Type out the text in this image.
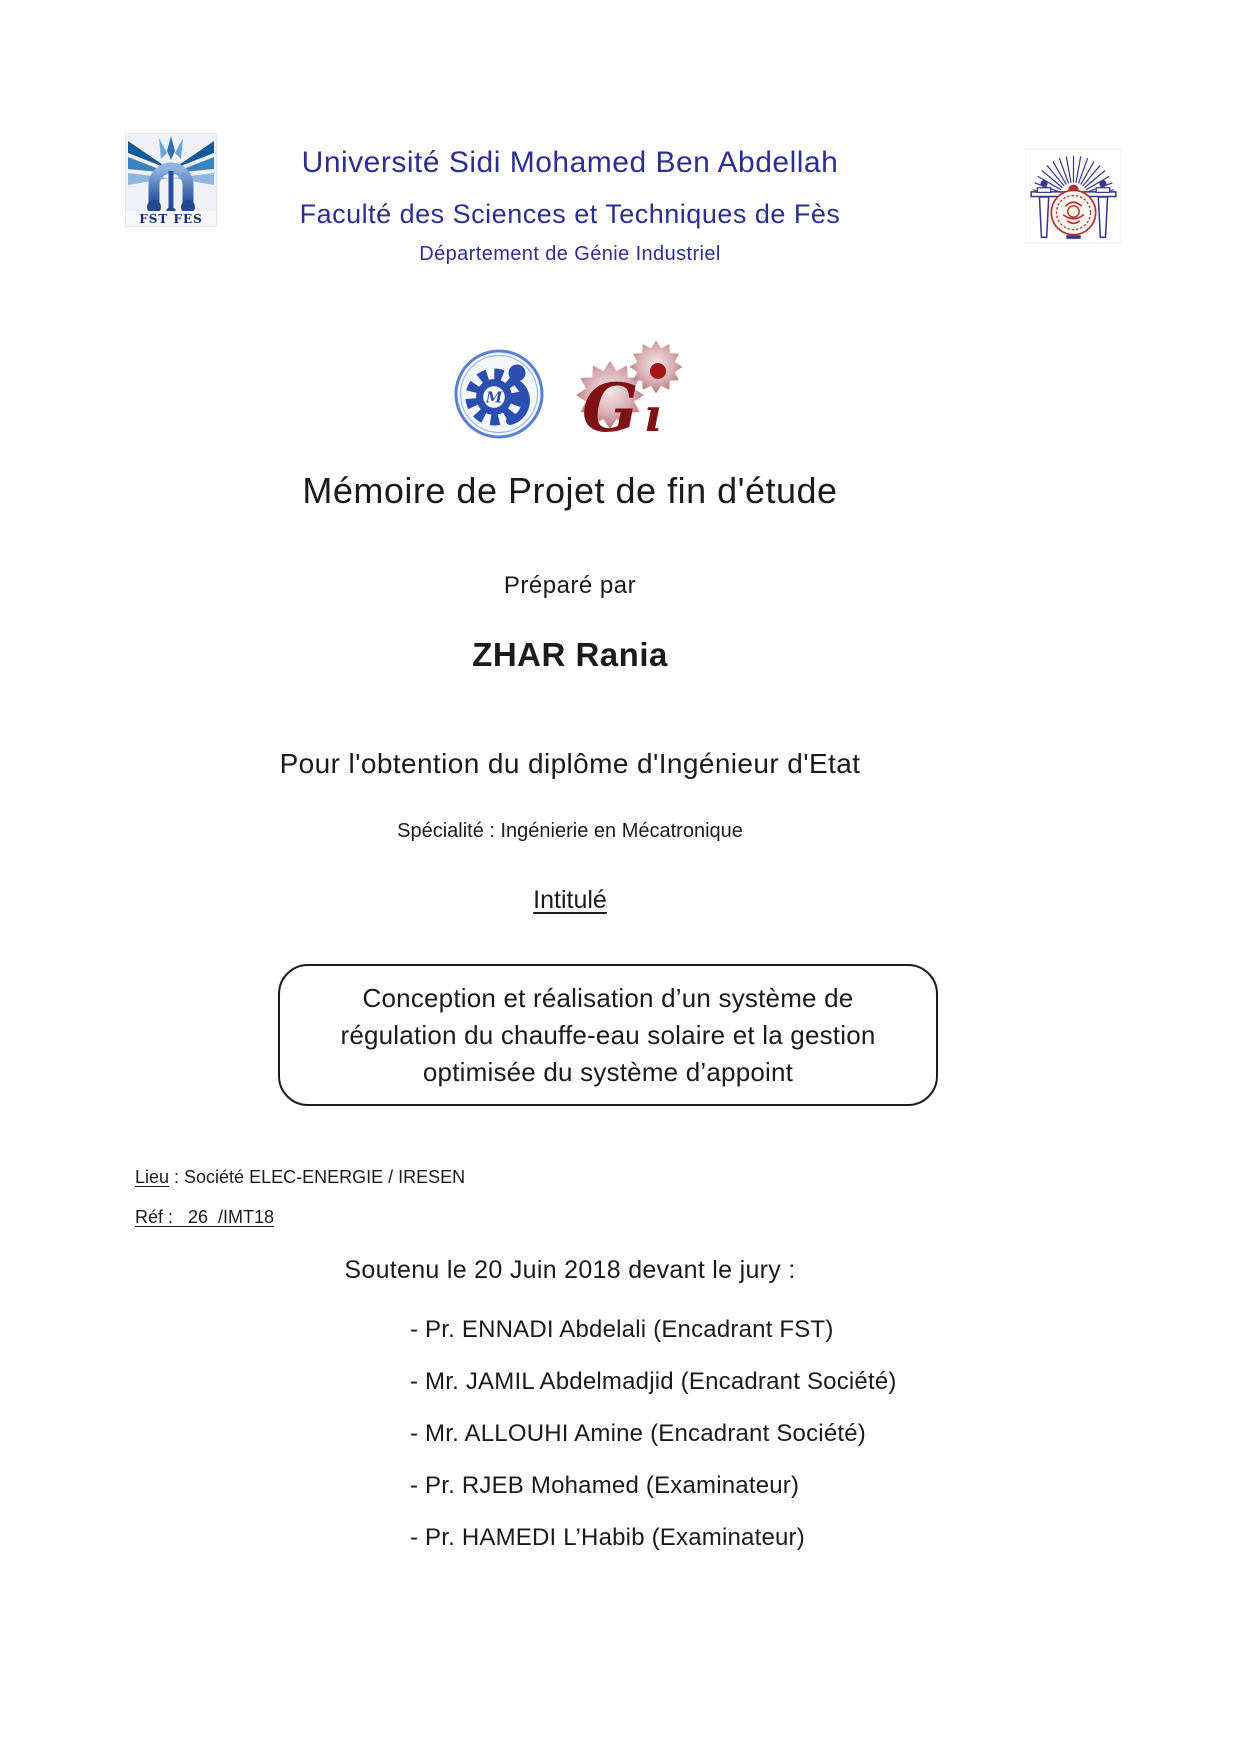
FST FES
Université Sidi Mohamed Ben Abdellah
Faculté des Sciences et Techniques de Fès
Département de Génie Industriel
M G ı
Mémoire de Projet de fin d'étude
Préparé par
ZHAR Rania
Pour l'obtention du diplôme d'Ingénieur d'Etat
Spécialité : Ingénierie en Mécatronique
Intitulé
Conception et réalisation d’un système de
régulation du chauffe-eau solaire et la gestion
optimisée du système d’appoint
Lieu : Société ELEC-ENERGIE / IRESEN
Réf :   26  /IMT18
Soutenu le 20 Juin 2018 devant le jury :
- Pr. ENNADI Abdelali (Encadrant FST)
- Mr. JAMIL Abdelmadjid (Encadrant Société)
- Mr. ALLOUHI Amine (Encadrant Société)
- Pr. RJEB Mohamed (Examinateur)
- Pr. HAMEDI L’Habib (Examinateur)
